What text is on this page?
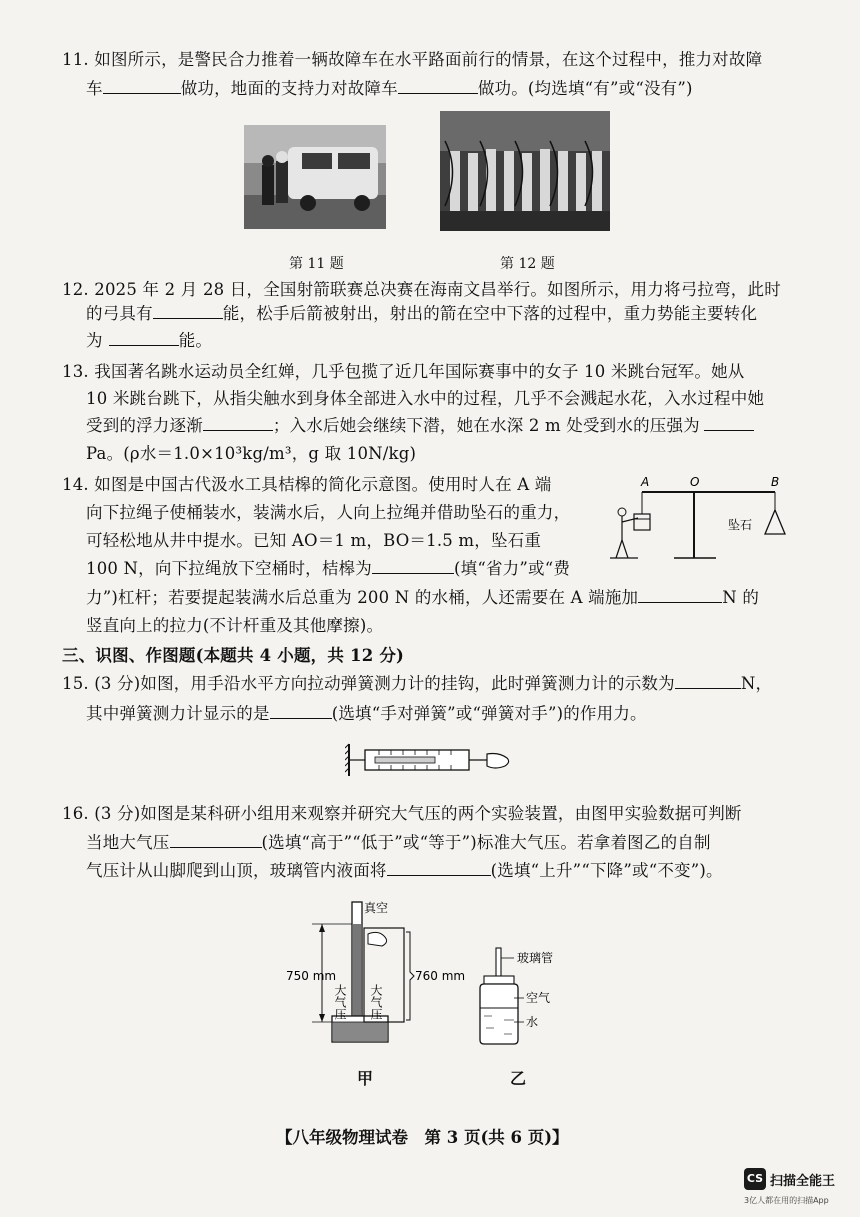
11. 如图所示，是警民合力推着一辆故障车在水平路面前行的情景，在这个过程中，推力对故障
车	做功，地面的支持力对故障车	做功。(均选填“有”或“没有”)
第 11 题	第 12 题
12. 2025 年 2 月 28 日，全国射箭联赛总决赛在海南文昌举行。如图所示，用力将弓拉弯，此时
的弓具有	能，松手后箭被射出，射出的箭在空中下落的过程中，重力势能主要转化
为	能。
13. 我国著名跳水运动员全红婵，几乎包揽了近几年国际赛事中的女子 10 米跳台冠军。她从
10 米跳台跳下，从指尖触水到身体全部进入水中的过程，几乎不会溅起水花，入水过程中她
受到的浮力逐渐	；入水后她会继续下潜，她在水深 2 m 处受到水的压强为
Pa。(ρ水＝1.0×10³kg/m³，g 取 10N/kg)
14. 如图是中国古代汲水工具桔槔的简化示意图。使用时人在 A 端
向下拉绳子使桶装水，装满水后，人向上拉绳并借助坠石的重力，
可轻松地从井中提水。已知 AO＝1 m，BO＝1.5 m，坠石重
100 N，向下拉绳放下空桶时，桔槔为	(填“省力”或“费
力”)杠杆；若要提起装满水后总重为 200 N 的水桶，人还需要在 A 端施加	N 的
竖直向上的拉力(不计杆重及其他摩擦)。
A	O	B
坠石
三、识图、作图题(本题共 4 小题，共 12 分)
15. (3 分)如图，用手沿水平方向拉动弹簧测力计的挂钩，此时弹簧测力计的示数为	N，
其中弹簧测力计显示的是	(选填“手对弹簧”或“弹簧对手”)的作用力。
16. (3 分)如图是某科研小组用来观察并研究大气压的两个实验装置，由图甲实验数据可判断
当地大气压	(选填“高于”“低于”或“等于”)标准大气压。若拿着图乙的自制
气压计从山脚爬到山顶，玻璃管内液面将	(选填“上升”“下降”或“不变”)。
真空
750 mm
大气压 大气压
760 mm
玻璃管
空气
水
甲	乙
【八年级物理试卷　第 3 页(共 6 页)】
CS 扫描全能王
3亿人都在用的扫描App
